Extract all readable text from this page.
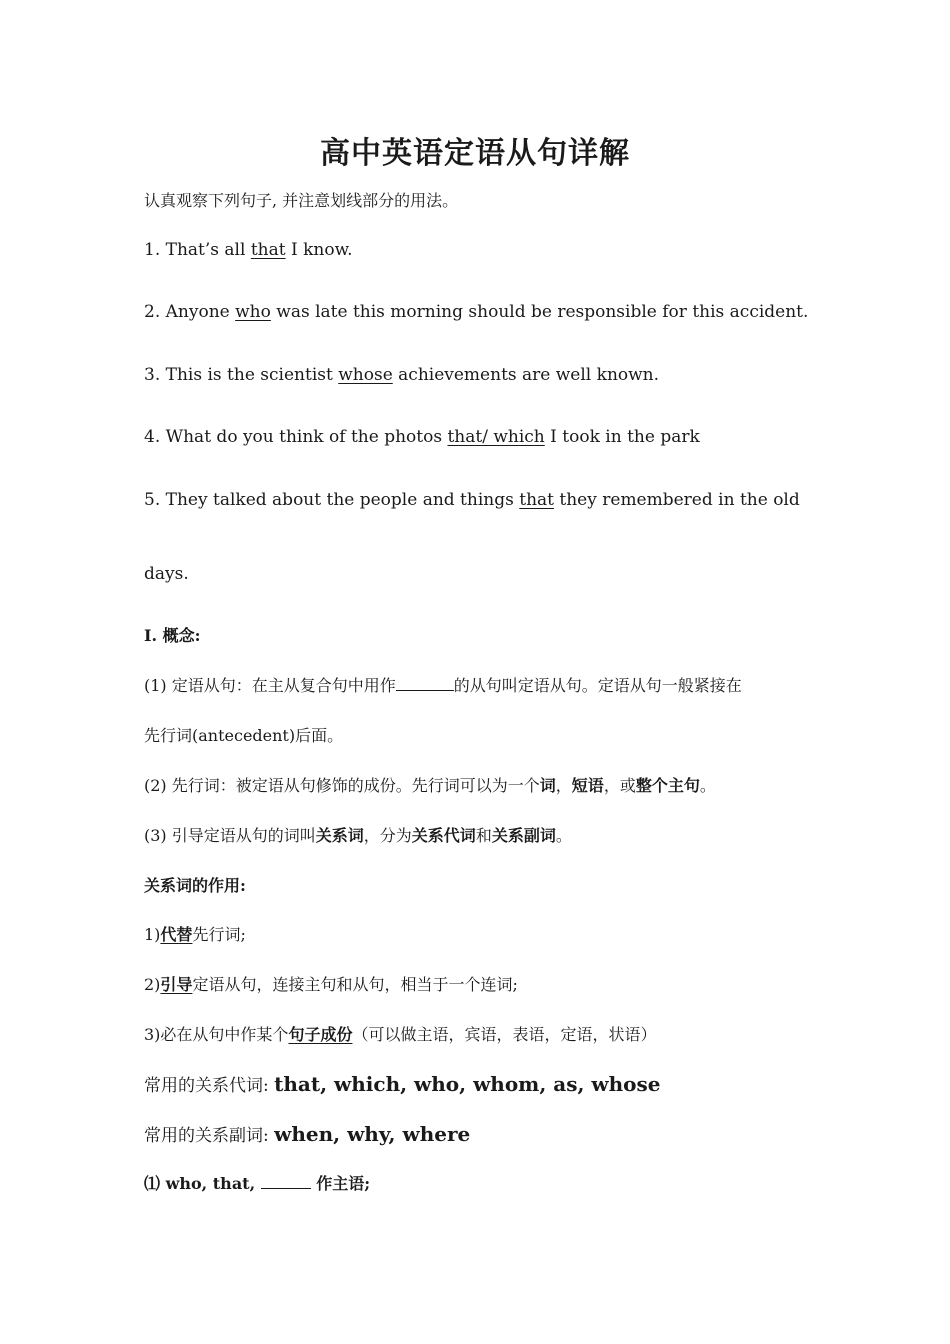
高中英语定语从句详解
认真观察下列句子, 并注意划线部分的用法。
1. That’s all that I know.
2. Anyone who was late this morning should be responsible for this accident.
3. This is the scientist whose achievements are well known.
4. What do you think of the photos that/ which I took in the park
5. They talked about the people and things that they remembered in the old
days.
Ⅰ. 概念:
(1) 定语从句：在主从复合句中用作	的从句叫定语从句。定语从句一般紧接在
先行词(antecedent)后面。
(2) 先行词：被定语从句修饰的成份。先行词可以为一个词，短语，或整个主句。
(3) 引导定语从句的词叫关系词，分为关系代词和关系副词。
关系词的作用:
1)代替先行词;
2)引导定语从句，连接主句和从句，相当于一个连词;
3)必在从句中作某个句子成份（可以做主语，宾语，表语，定语，状语）
常用的关系代词: that, which, who, whom, as, whose
常用的关系副词: when, why, where
⑴ who, that,	作主语;
